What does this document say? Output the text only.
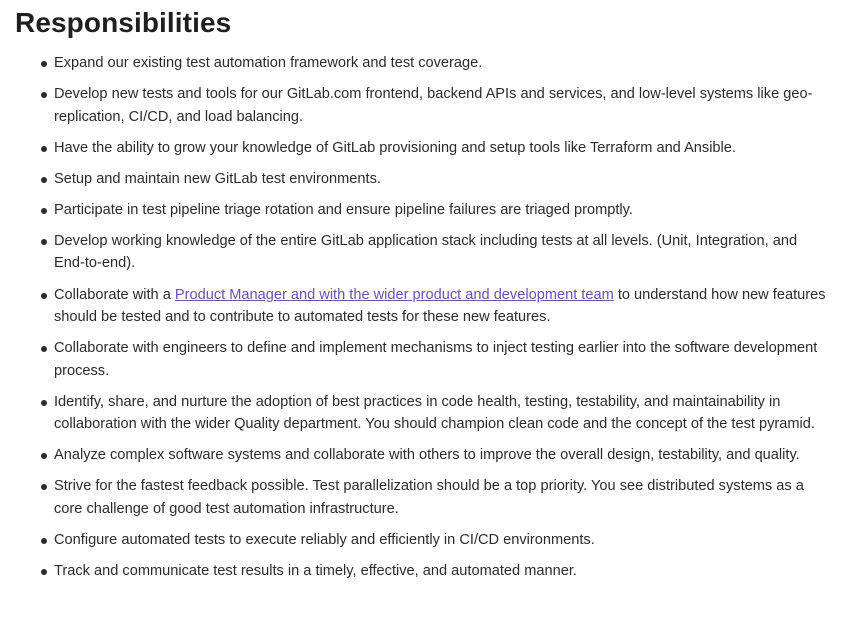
Responsibilities
Expand our existing test automation framework and test coverage.
Develop new tests and tools for our GitLab.com frontend, backend APIs and services, and low-level systems like geo-replication, CI/CD, and load balancing.
Have the ability to grow your knowledge of GitLab provisioning and setup tools like Terraform and Ansible.
Setup and maintain new GitLab test environments.
Participate in test pipeline triage rotation and ensure pipeline failures are triaged promptly.
Develop working knowledge of the entire GitLab application stack including tests at all levels. (Unit, Integration, and End-to-end).
Collaborate with a Product Manager and with the wider product and development team to understand how new features should be tested and to contribute to automated tests for these new features.
Collaborate with engineers to define and implement mechanisms to inject testing earlier into the software development process.
Identify, share, and nurture the adoption of best practices in code health, testing, testability, and maintainability in collaboration with the wider Quality department. You should champion clean code and the concept of the test pyramid.
Analyze complex software systems and collaborate with others to improve the overall design, testability, and quality.
Strive for the fastest feedback possible. Test parallelization should be a top priority. You see distributed systems as a core challenge of good test automation infrastructure.
Configure automated tests to execute reliably and efficiently in CI/CD environments.
Track and communicate test results in a timely, effective, and automated manner.
